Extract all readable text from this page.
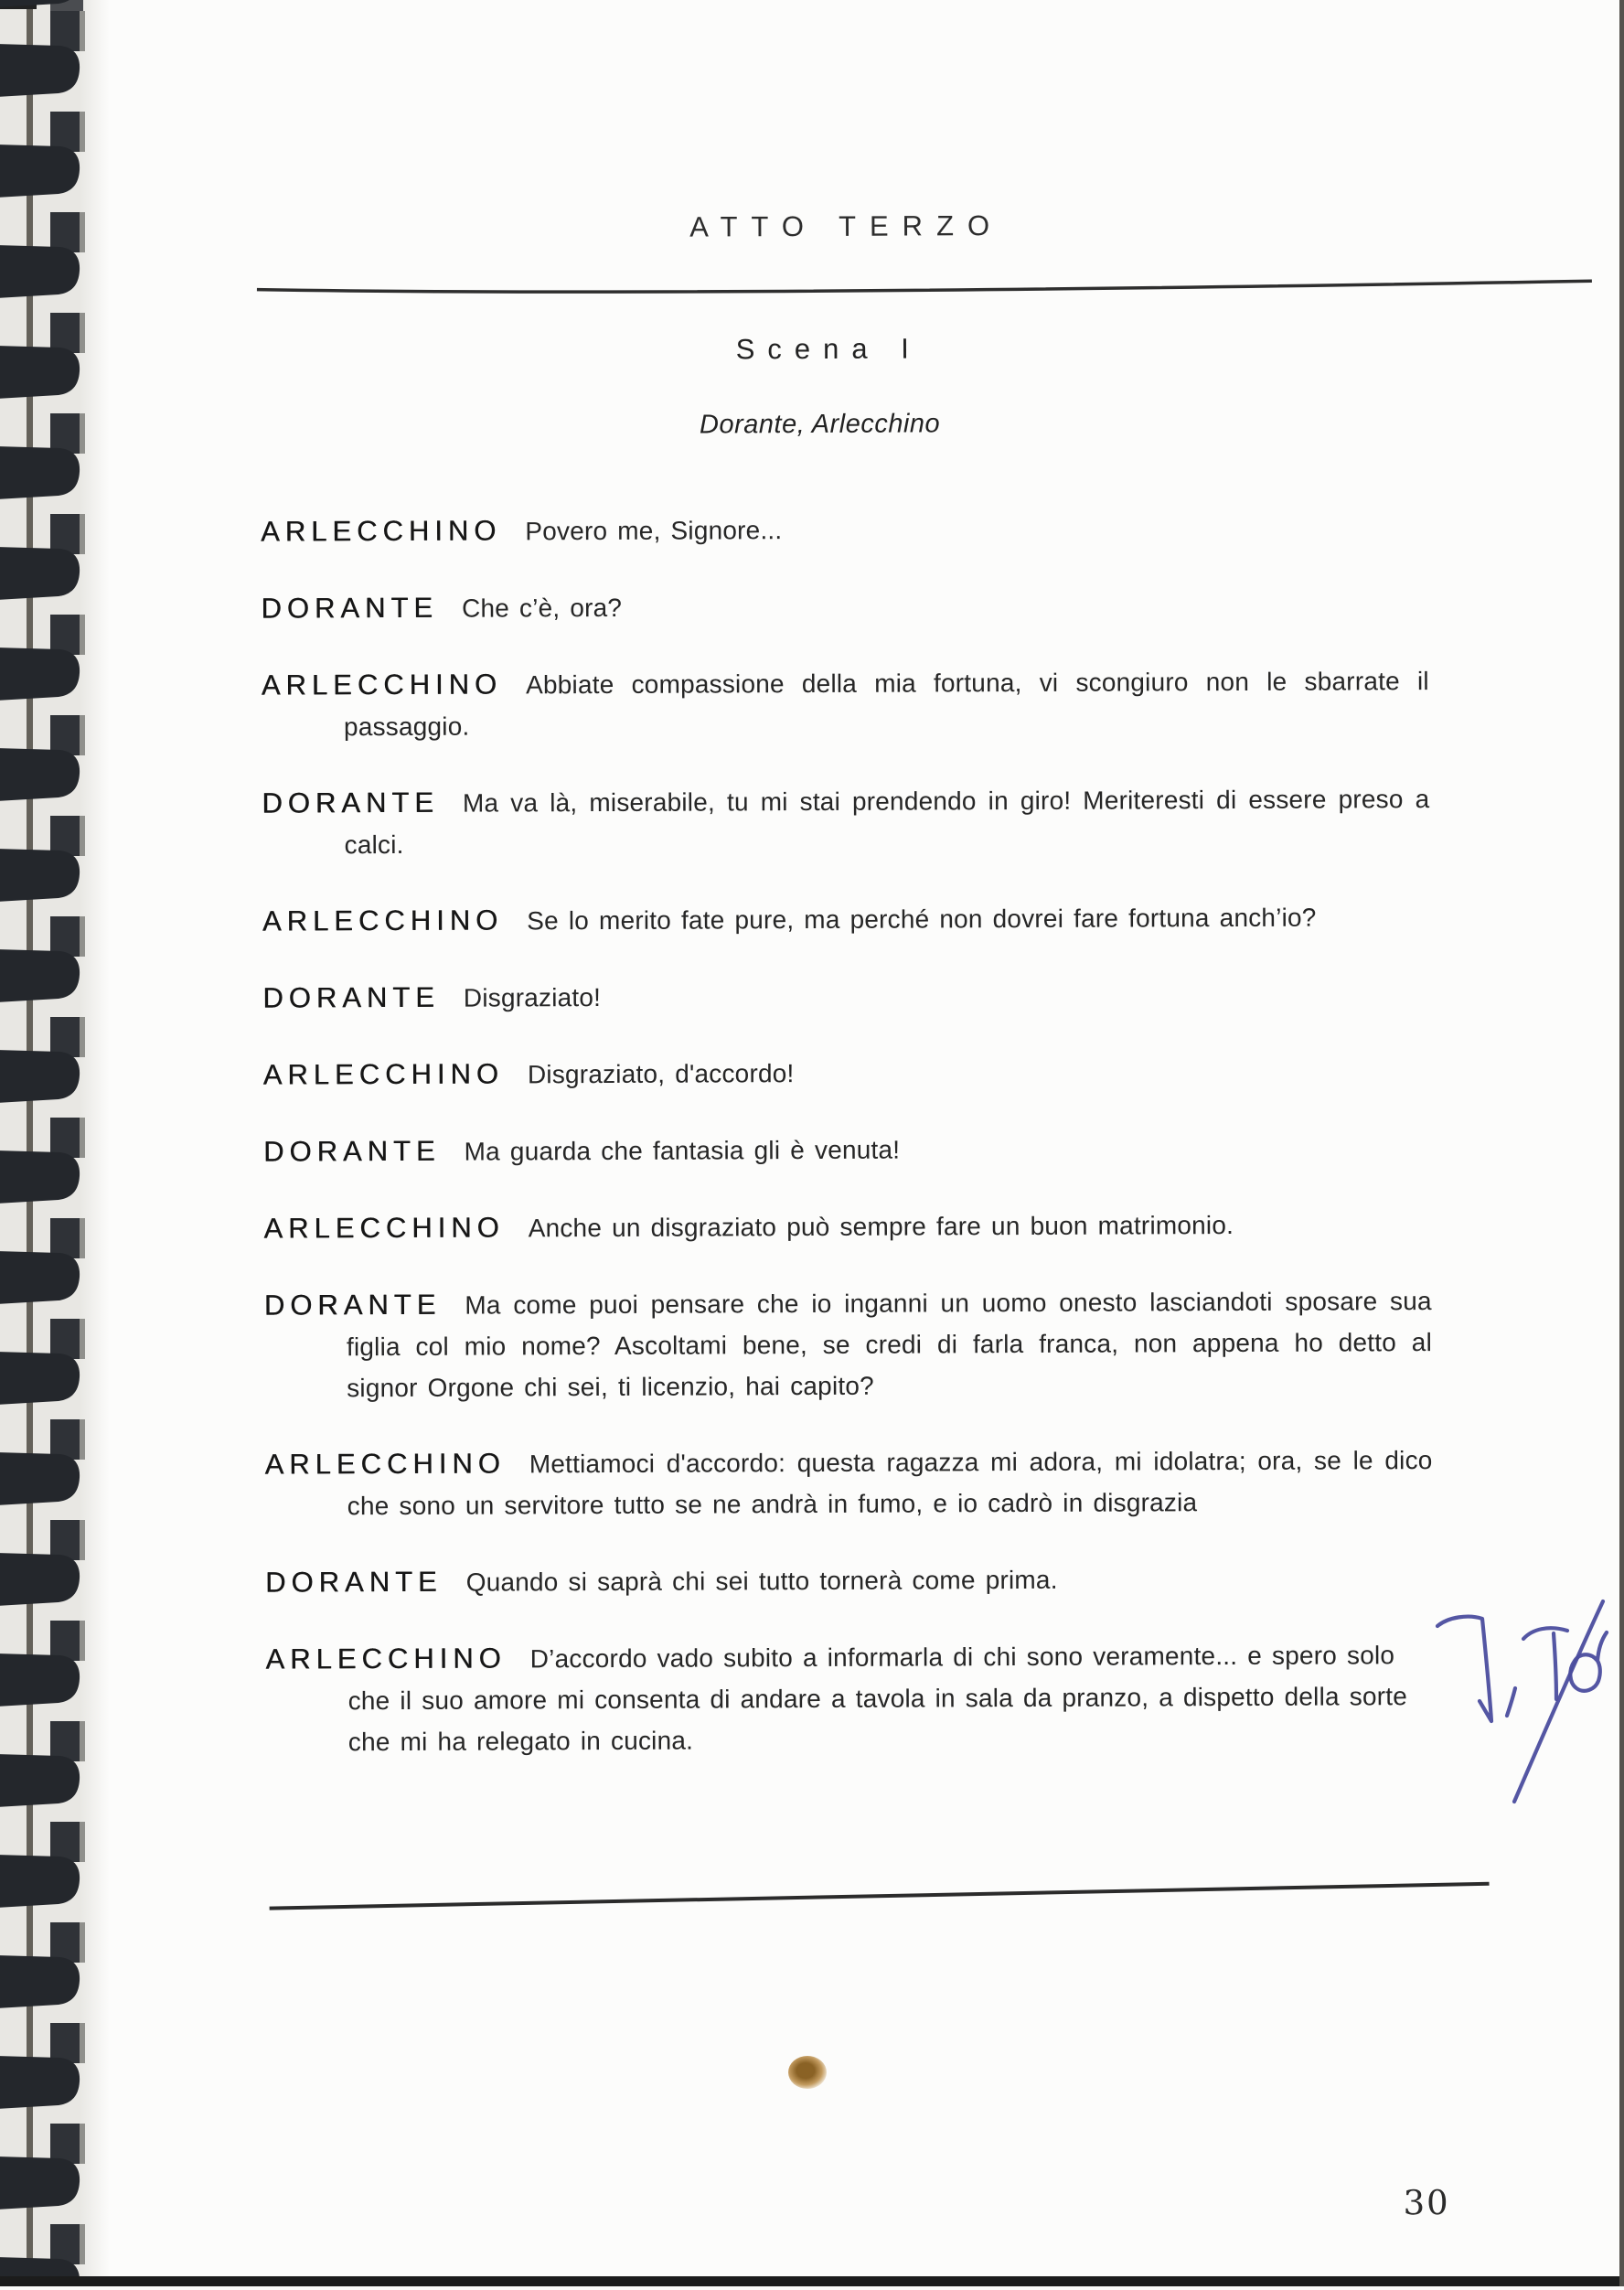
ATTO TERZO
Scena I
Dorante, Arlecchino

ARLECCHINO Povero me, Signore...

DORANTE Che c’è, ora?

ARLECCHINO Abbiate compassione della mia fortuna, vi scongiuro non le sbarrate il passaggio.

DORANTE Ma va là, miserabile, tu mi stai prendendo in giro! Meriteresti di essere preso a calci.

ARLECCHINO Se lo merito fate pure, ma perché non dovrei fare fortuna anch’io?

DORANTE Disgraziato!

ARLECCHINO Disgraziato, d'accordo!

DORANTE Ma guarda che fantasia gli è venuta!

ARLECCHINO Anche un disgraziato può sempre fare un buon matrimonio.

DORANTE Ma come puoi pensare che io inganni un uomo onesto lasciandoti sposare sua figlia col mio nome? Ascoltami bene, se credi di farla franca, non appena ho detto al signor Orgone chi sei, ti licenzio, hai capito?

ARLECCHINO Mettiamoci d'accordo: questa ragazza mi adora, mi idolatra; ora, se le dico che sono un servitore tutto se ne andrà in fumo, e io cadrò in disgrazia

DORANTE Quando si saprà chi sei tutto tornerà come prima.

ARLECCHINO D’accordo vado subito a informarla di chi sono veramente... e spero solo che il suo amore mi consenta di andare a tavola in sala da pranzo, a dispetto della sorte che mi ha relegato in cucina.

30
